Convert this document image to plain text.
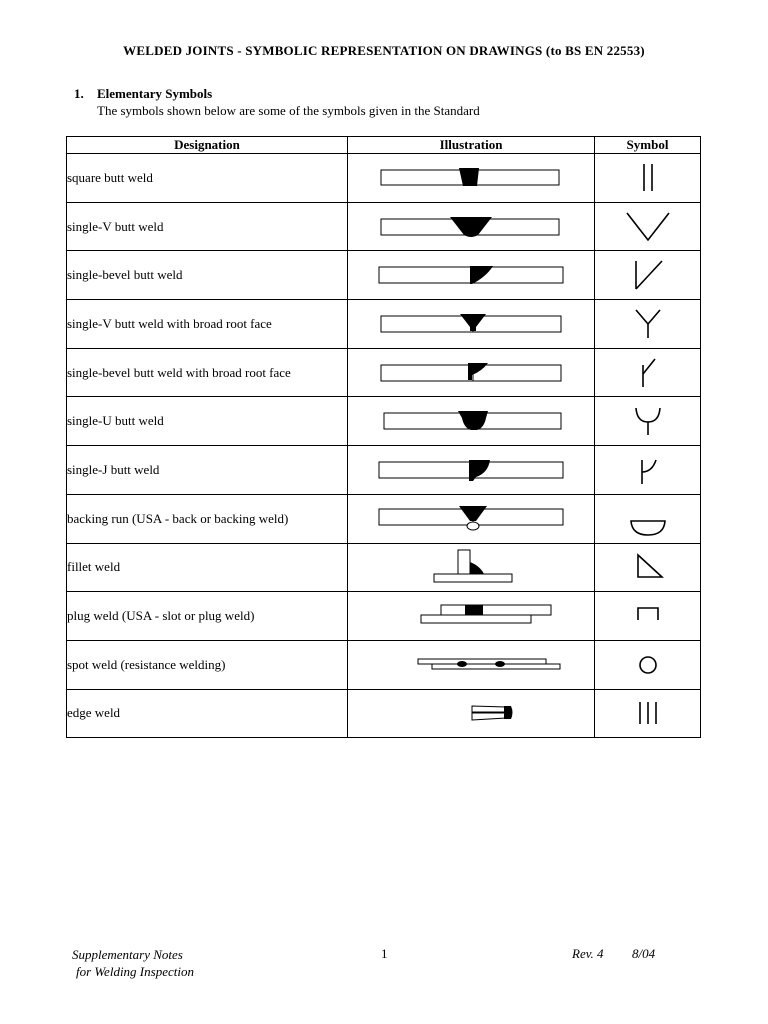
WELDED JOINTS - SYMBOLIC REPRESENTATION ON DRAWINGS (to BS EN 22553)
1. Elementary Symbols
The symbols shown below are some of the symbols given in the Standard
Designation	Illustration	Symbol
square butt weld		
single-V butt weld		
single-bevel butt weld		
single-V butt weld with broad root face		
single-bevel butt weld with broad root face		
single-U butt weld		
single-J butt weld		
backing run (USA - back or backing weld)		
fillet weld		
plug weld (USA - slot or plug weld)		
spot weld (resistance welding)		
edge weld		
Supplementary Notes
for Welding Inspection
1	Rev. 4 8/04
